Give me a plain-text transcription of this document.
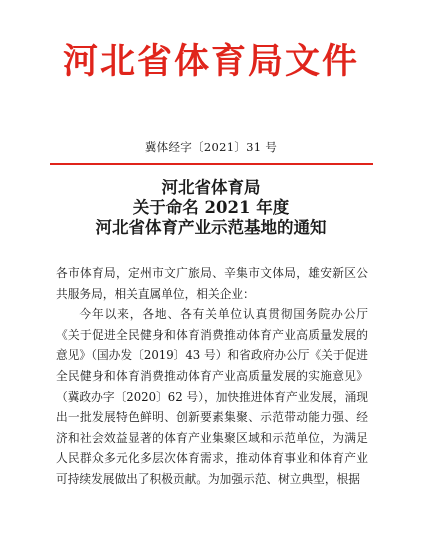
河北省体育局文件
冀体经字〔2021〕31 号
河北省体育局
关于命名 2021 年度
河北省体育产业示范基地的通知

各市体育局，定州市文广旅局、辛集市文体局，雄安新区公共服务局，相关直属单位，相关企业：

今年以来，各地、各有关单位认真贯彻国务院办公厅《关于促进全民健身和体育消费推动体育产业高质量发展的意见》（国办发〔2019〕43 号）和省政府办公厅《关于促进全民健身和体育消费推动体育产业高质量发展的实施意见》（冀政办字〔2020〕62 号），加快推进体育产业发展，涌现出一批发展特色鲜明、创新要素集聚、示范带动能力强、经济和社会效益显著的体育产业集聚区域和示范单位，为满足人民群众多元化多层次体育需求，推动体育事业和体育产业可持续发展做出了积极贡献。为加强示范、树立典型，根据
